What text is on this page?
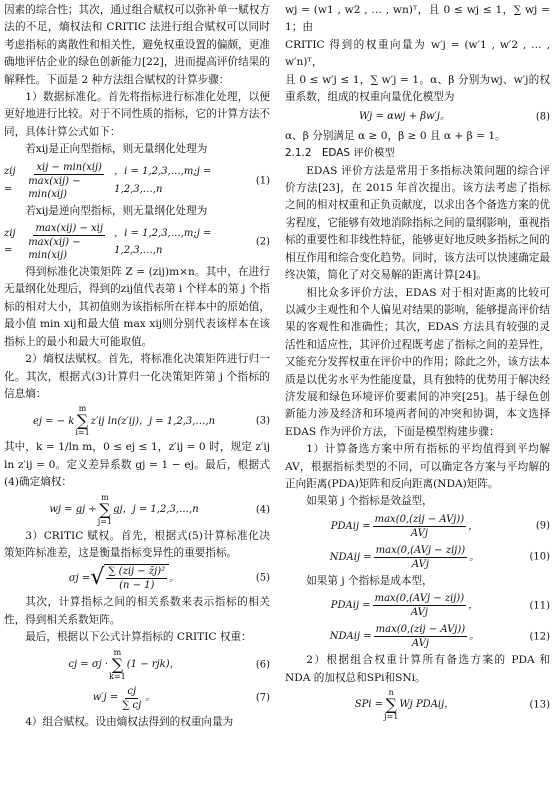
因素的综合性；其次，通过组合赋权可以弥补单一赋权方法的不足，熵权法和 CRITIC 法进行组合赋权可以同时考虑指标的离散性和相关性，避免权重设置的偏颇，更准确地评估企业的绿色创新能力[22]，进而提高评价结果的解释性。下面是 2 种方法组合赋权的计算步骤：

1）数据标准化。首先将指标进行标准化处理，以便更好地进行比较。对于不同性质的指标，它的计算方法不同，具体计算公式如下：

若xij是正向型指标，则无量纲化处理为

zij =	$\frac{\text{xij − min(xij)}}{\text{max(xij) − min(xij)}}$ ，i = 1,2,3,…,m;j = 1,2,3,…,n
(1)

若xij是逆向型指标，则无量纲化处理为

zij =	$\frac{\text{max(xij) − xij}}{\text{max(xij) − min(xij)}}$ ，i = 1,2,3,…,m;j = 1,2,3,…,n
(2)

得到标准化决策矩阵 Z = (zij)m×n。其中，在进行无量纲化处理后，得到的zij值代表第 i 个样本的第 j 个指标的相对大小，其初值则为该指标所在样本中的原始值，最小值 min xij和最大值 max xij则分别代表该样本在该指标上的最小和最大可能取值。

2）熵权法赋权。首先，将标准化决策矩阵进行归一化。其次，根据式(3)计算归一化决策矩阵第 j 个指标的信息熵：

ej = − k
m
∑
i=1
z′ij ln(z′ij)，j = 1,2,3,…,n	(3)

其中，k = 1/ln m，0 ≤ ej ≤ 1，z′ij = 0 时，规定 z′ij ln z′ij = 0。定义差异系数 gj = 1 − ej。最后，根据式(4)确定熵权：

wj = gj ÷
m
∑
j=1
gj，j = 1,2,3,…,n	(4)

3）CRITIC 赋权。首先，根据式(5)计算标准化决策矩阵标准差，这是衡量指标变异性的重要指标。

σj = √ $\frac{\text{∑ (zij − z̄j)²}}{(n - 1)}$ 。	(5)

其次，计算指标之间的相关系数来表示指标的相关性，得到相关系数矩阵。

最后，根据以下公式计算指标的 CRITIC 权重：

cj = σj ·
m
∑
k=1
(1 − rjk)，	(6)
$w'j = \frac{cj}{\sum cj}$ 。	(7)

4）组合赋权。设由熵权法得到的权重向量为

wj = (w1 , w2 , … , wn)ᵀ，且 0 ≤ wj ≤ 1，∑ wj = 1；由

CRITIC 得到的权重向量为 w′j = (w′1 , w′2 , … , w′n)ᵀ，

且 0 ≤ w′j ≤ 1，∑ w′j = 1。α、β 分别为wj、w′j的权重系数，组成的权重向量优化模型为

Wj = αwj + βw′j。	(8)

α、β 分别满足 α ≥ 0，β ≥ 0 且 α + β = 1。

2.1.2　EDAS 评价模型

EDAS 评价方法是常用于多指标决策问题的综合评价方法[23]，在 2015 年首次提出。该方法考虑了指标之间的相对权重和正负贡献度，以求出各个备选方案的优劣程度，它能够有效地消除指标之间的量纲影响，重视指标的重要性和非线性特征，能够更好地反映多指标之间的相互作用和综合变化趋势。同时，该方法可以快速确定最终决策，简化了对交易解的距离计算[24]。

相比众多评价方法，EDAS 对于相对距离的比较可以减少主观性和个人偏见对结果的影响，能够提高评价结果的客观性和准确性；其次，EDAS 方法具有较强的灵活性和适应性，其评价过程既考虑了指标之间的差异性，又能充分发挥权重在评价中的作用；除此之外，该方法本质是以优劣水平为性能度量，具有独特的优势用于解决经济发展和绿色环境评价要素间的冲突[25]。基于绿色创新能力涉及经济和环境两者间的冲突和协调，本文选择 EDAS 作为评价方法，下面是模型构建步骤：

1）计算备选方案中所有指标的平均值得到平均解 AV，根据指标类型的不同，可以确定各方案与平均解的正向距离(PDA)矩阵和反向距离(NDA)矩阵。

如果第 j 个指标是效益型，

PDAij = $\frac{\text{max(0,(zij − AVj))}}{\text{AVj}}$ ，	(9)
NDAij = $\frac{\text{max(0,(AVj − zij))}}{\text{AVj}}$ 。	(10)

如果第 j 个指标是成本型，

PDAij = $\frac{\text{max(0,(AVj − zij))}}{\text{AVj}}$ ，	(11)
NDAij = $\frac{\text{max(0,(zij − AVj))}}{\text{AVj}}$ 。	(12)

2）根据组合权重计算所有备选方案的 PDA 和 NDA 的加权总和SPi和SNi。

SPi =
n
∑
j=1
Wj PDAij，	(13)
